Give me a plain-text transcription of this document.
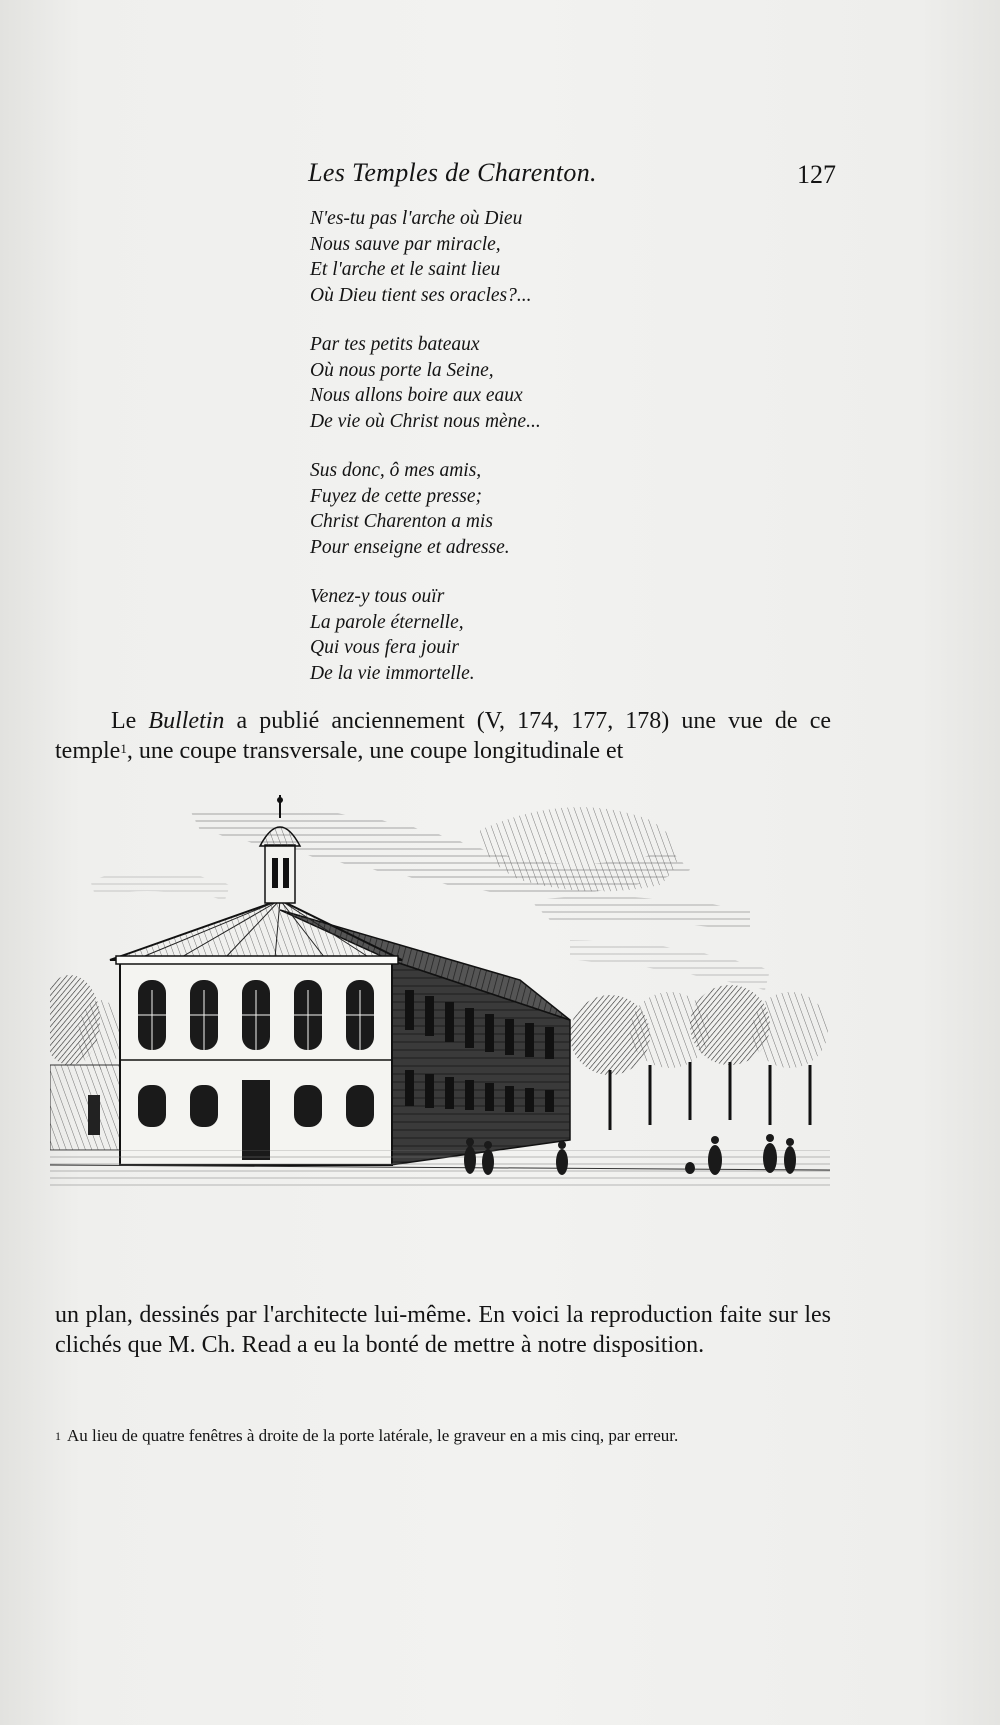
Les Temples de Charenton.	127
N'es-tu pas l'arche où Dieu
Nous sauve par miracle,
Et l'arche et le saint lieu
Où Dieu tient ses oracles?...
Par tes petits bateaux
Où nous porte la Seine,
Nous allons boire aux eaux
De vie où Christ nous mène...
Sus donc, ô mes amis,
Fuyez de cette presse;
Christ Charenton a mis
Pour enseigne et adresse.
Venez-y tous ouïr
La parole éternelle,
Qui vous fera jouir
De la vie immortelle.
Le Bulletin a publié anciennement (V, 174, 177, 178) une vue de ce temple$^1$, une coupe transversale, une coupe longitudinale et
un plan, dessinés par l'architecte lui-même. En voici la reproduction faite sur les clichés que M. Ch. Read a eu la bonté de mettre à notre disposition.
$^1$ Au lieu de quatre fenêtres à droite de la porte latérale, le graveur en a mis cinq, par erreur.
